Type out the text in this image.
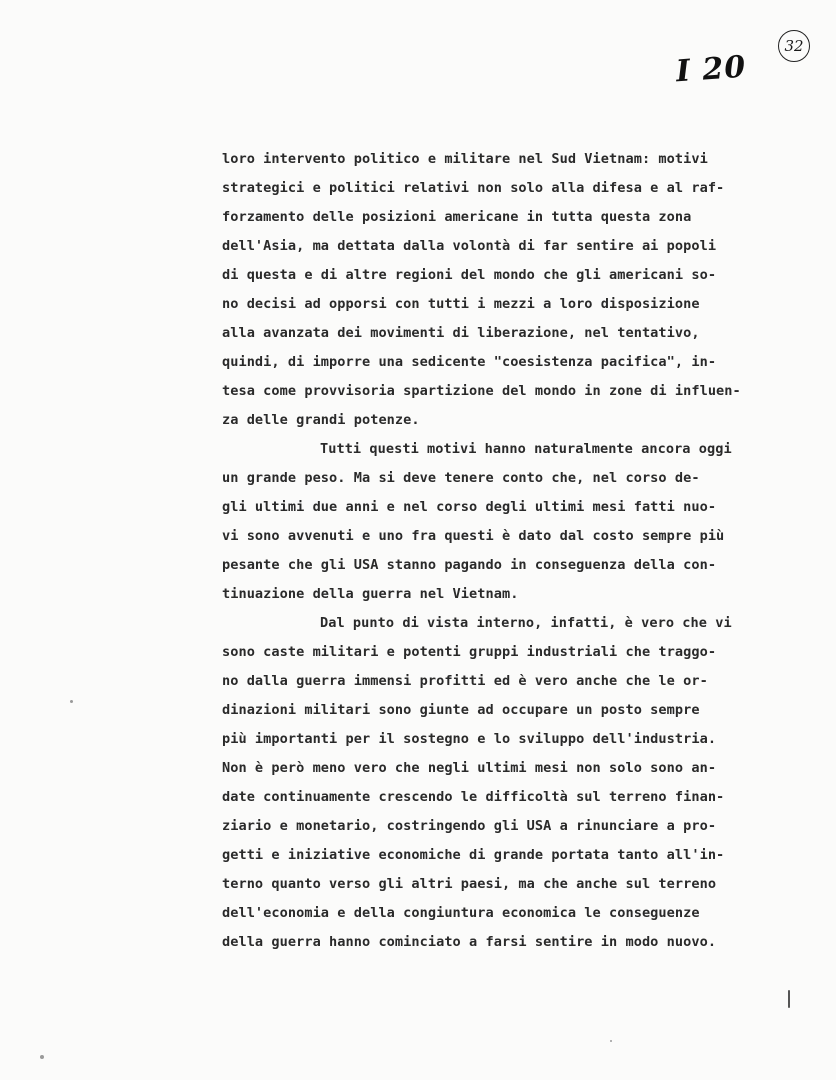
32
I 20
loro intervento politico e militare nel Sud Vietnam: motivi
strategici e politici relativi non solo alla difesa e al raf-
forzamento delle posizioni americane in tutta questa zona
dell'Asia, ma dettata dalla volontà di far sentire ai popoli
di questa e di altre regioni del mondo che gli americani so-
no decisi ad opporsi con tutti i mezzi a loro disposizione
alla avanzata dei movimenti di liberazione, nel tentativo,
quindi, di imporre una sedicente "coesistenza pacifica", in-
tesa come provvisoria spartizione del mondo in zone di influen-
za delle grandi potenze.
Tutti questi motivi hanno naturalmente ancora oggi
un grande peso. Ma si deve tenere conto che, nel corso de-
gli ultimi due anni e nel corso degli ultimi mesi fatti nuo-
vi sono avvenuti e uno fra questi è dato dal costo sempre più
pesante che gli USA stanno pagando in conseguenza della con-
tinuazione della guerra nel Vietnam.
Dal punto di vista interno, infatti, è vero che vi
sono caste militari e potenti gruppi industriali che traggo-
no dalla guerra immensi profitti ed è vero anche che le or-
dinazioni militari sono giunte ad occupare un posto sempre
più importanti per il sostegno e lo sviluppo dell'industria.
Non è però meno vero che negli ultimi mesi non solo sono an-
date continuamente crescendo le difficoltà sul terreno finan-
ziario e monetario, costringendo gli USA a rinunciare a pro-
getti e iniziative economiche di grande portata tanto all'in-
terno quanto verso gli altri paesi, ma che anche sul terreno
dell'economia e della congiuntura economica le conseguenze
della guerra hanno cominciato a farsi sentire in modo nuovo.
